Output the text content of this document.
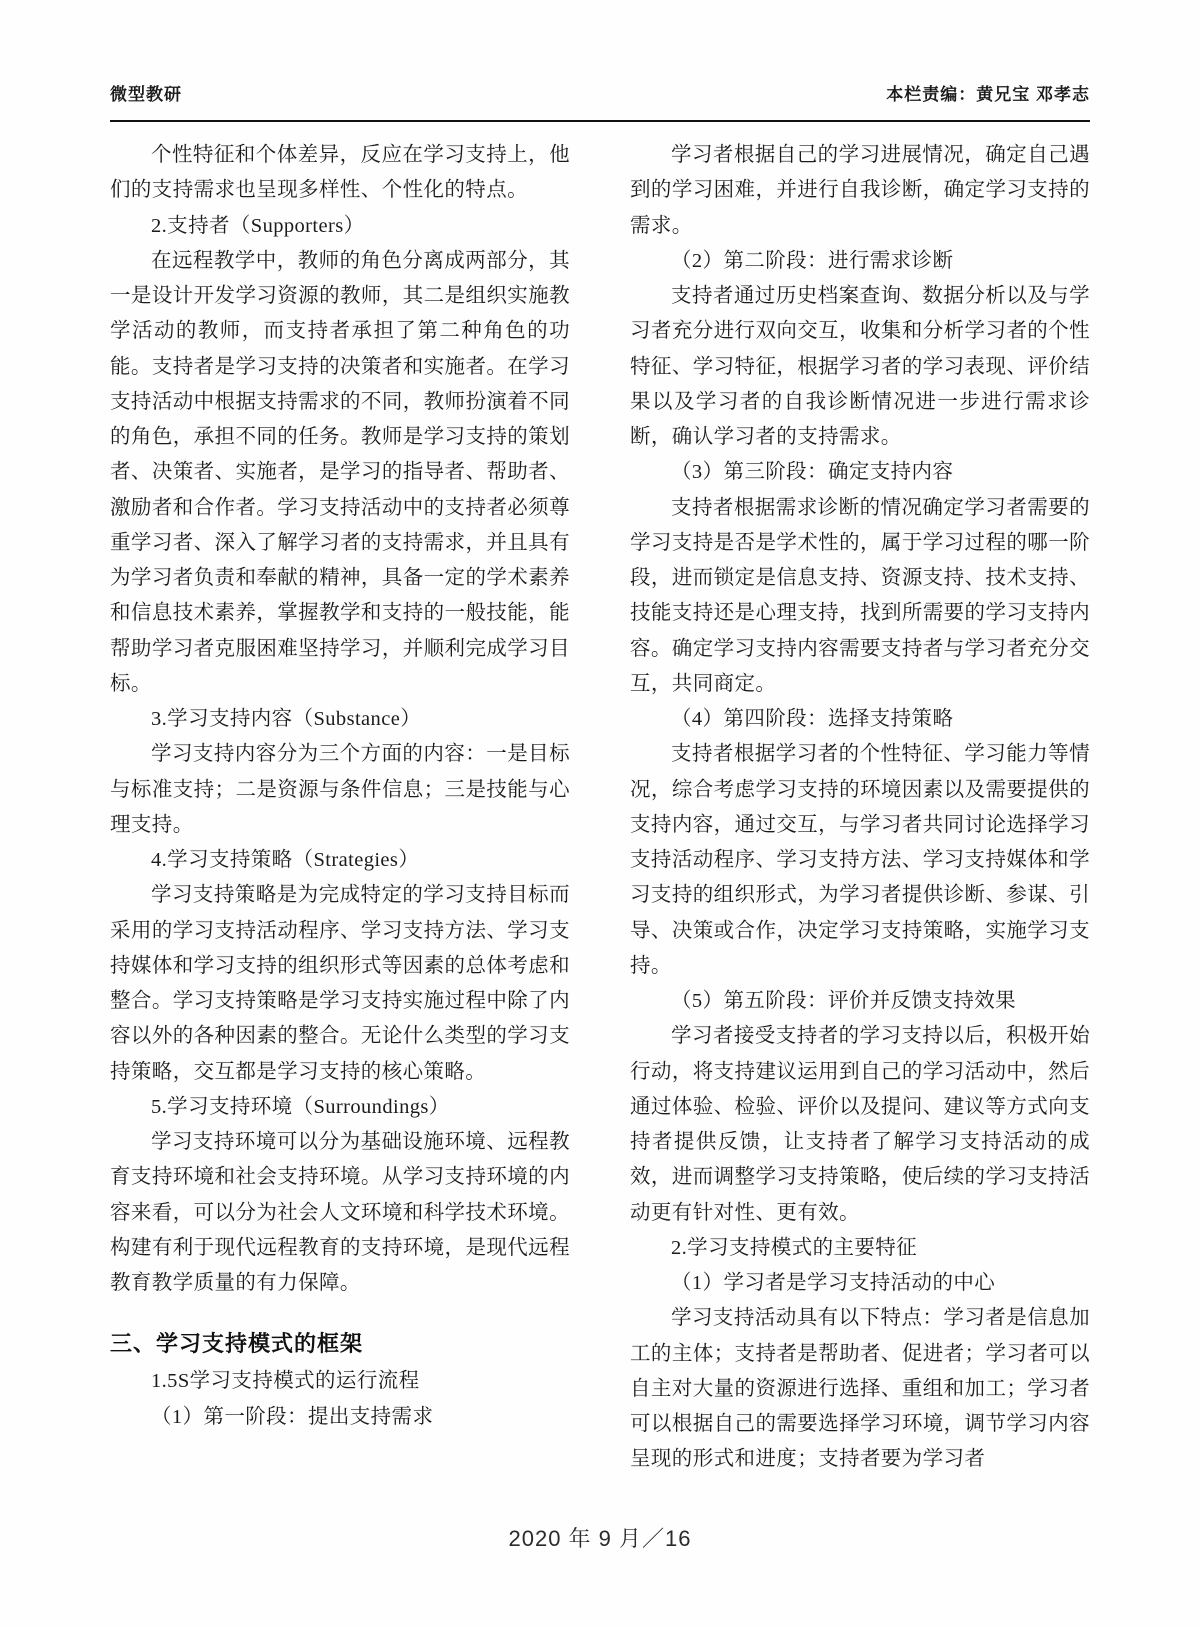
微型教研	本栏责编：黄兄宝 邓孝志

个性特征和个体差异，反应在学习支持上，他们的支持需求也呈现多样性、个性化的特点。

2.支持者（Supporters）

在远程教学中，教师的角色分离成两部分，其一是设计开发学习资源的教师，其二是组织实施教学活动的教师，而支持者承担了第二种角色的功能。支持者是学习支持的决策者和实施者。在学习支持活动中根据支持需求的不同，教师扮演着不同的角色，承担不同的任务。教师是学习支持的策划者、决策者、实施者，是学习的指导者、帮助者、激励者和合作者。学习支持活动中的支持者必须尊重学习者、深入了解学习者的支持需求，并且具有为学习者负责和奉献的精神，具备一定的学术素养和信息技术素养，掌握教学和支持的一般技能，能帮助学习者克服困难坚持学习，并顺利完成学习目标。

3.学习支持内容（Substance）

学习支持内容分为三个方面的内容：一是目标与标准支持；二是资源与条件信息；三是技能与心理支持。

4.学习支持策略（Strategies）

学习支持策略是为完成特定的学习支持目标而采用的学习支持活动程序、学习支持方法、学习支持媒体和学习支持的组织形式等因素的总体考虑和整合。学习支持策略是学习支持实施过程中除了内容以外的各种因素的整合。无论什么类型的学习支持策略，交互都是学习支持的核心策略。

5.学习支持环境（Surroundings）

学习支持环境可以分为基础设施环境、远程教育支持环境和社会支持环境。从学习支持环境的内容来看，可以分为社会人文环境和科学技术环境。构建有利于现代远程教育的支持环境，是现代远程教育教学质量的有力保障。

三、学习支持模式的框架

1.5S学习支持模式的运行流程

（1）第一阶段：提出支持需求

学习者根据自己的学习进展情况，确定自己遇到的学习困难，并进行自我诊断，确定学习支持的需求。

（2）第二阶段：进行需求诊断

支持者通过历史档案查询、数据分析以及与学习者充分进行双向交互，收集和分析学习者的个性特征、学习特征，根据学习者的学习表现、评价结果以及学习者的自我诊断情况进一步进行需求诊断，确认学习者的支持需求。

（3）第三阶段：确定支持内容

支持者根据需求诊断的情况确定学习者需要的学习支持是否是学术性的，属于学习过程的哪一阶段，进而锁定是信息支持、资源支持、技术支持、技能支持还是心理支持，找到所需要的学习支持内容。确定学习支持内容需要支持者与学习者充分交互，共同商定。

（4）第四阶段：选择支持策略

支持者根据学习者的个性特征、学习能力等情况，综合考虑学习支持的环境因素以及需要提供的支持内容，通过交互，与学习者共同讨论选择学习支持活动程序、学习支持方法、学习支持媒体和学习支持的组织形式，为学习者提供诊断、参谋、引导、决策或合作，决定学习支持策略，实施学习支持。

（5）第五阶段：评价并反馈支持效果

学习者接受支持者的学习支持以后，积极开始行动，将支持建议运用到自己的学习活动中，然后通过体验、检验、评价以及提问、建议等方式向支持者提供反馈，让支持者了解学习支持活动的成效，进而调整学习支持策略，使后续的学习支持活动更有针对性、更有效。

2.学习支持模式的主要特征

（1）学习者是学习支持活动的中心

学习支持活动具有以下特点：学习者是信息加工的主体；支持者是帮助者、促进者；学习者可以自主对大量的资源进行选择、重组和加工；学习者可以根据自己的需要选择学习环境，调节学习内容呈现的形式和进度；支持者要为学习者

2020 年 9 月／16
